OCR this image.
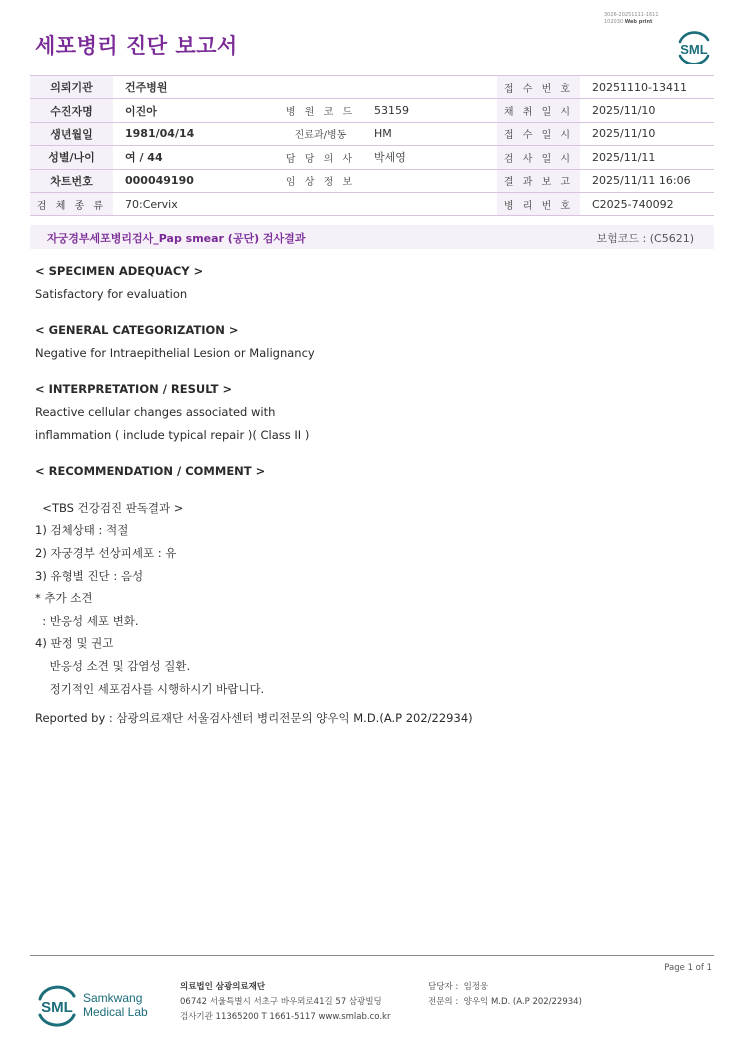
3026-20251111-1611
102030 Web print
세포병리 진단 보고서	SML
의뢰기관	건주병원			접 수 번 호	20251110-13411
수진자명	이진아	병 원 코 드	53159	채 취 일 시	2025/11/10
생년월일	1981/04/14	진료과/병동	HM	접 수 일 시	2025/11/10
성별/나이	여 / 44	담 당 의 사	박세영	검 사 일 시	2025/11/11
차트번호	000049190	임 상 정 보		결 과 보 고	2025/11/11 16:06
검 체 종 류	70:Cervix			병 리 번 호	C2025-740092
자궁경부세포병리검사_Pap smear (공단) 검사결과	보험코드 : (C5621)
< SPECIMEN ADEQUACY >
Satisfactory for evaluation
< GENERAL CATEGORIZATION >
Negative for Intraepithelial Lesion or Malignancy
< INTERPRETATION / RESULT >
Reactive cellular changes associated with
inflammation ( include typical repair )( Class II )
< RECOMMENDATION / COMMENT >
<TBS 건강검진 판독결과 >
1) 검체상태 : 적절
2) 자궁경부 선상피세포 : 유
3) 유형별 진단 : 음성
* 추가 소견
: 반응성 세포 변화.
4) 판정 및 권고
반응성 소견 및 감염성 질환.
정기적인 세포검사를 시행하시기 바랍니다.
Reported by : 삼광의료재단 서울검사센터 병리전문의 양우익 M.D.(A.P 202/22934)
Page 1 of 1
SML
Samkwang
Medical Lab
의료법인 삼광의료재단
06742 서울특별시 서초구 바우뫼로41길 57 삼광빌딩
검사기관 11365200 T 1661-5117 www.smlab.co.kr
담당자 : 임정웅
전문의 : 양우익 M.D. (A.P 202/22934)
